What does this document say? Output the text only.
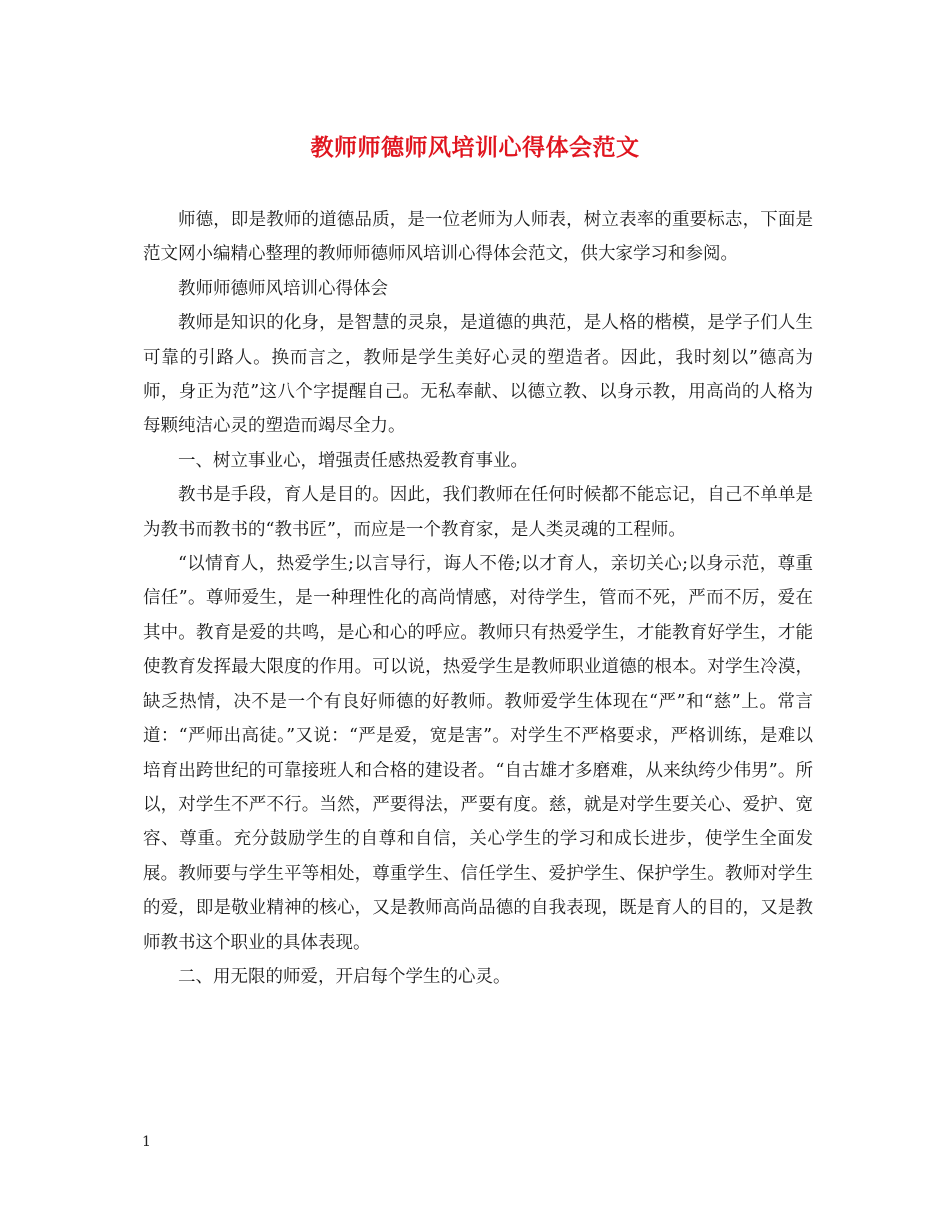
教师师德师风培训心得体会范文

师德，即是教师的道德品质，是一位老师为人师表，树立表率的重要标志，下面是范文网小编精心整理的教师师德师风培训心得体会范文，供大家学习和参阅。

教师师德师风培训心得体会

教师是知识的化身，是智慧的灵泉，是道德的典范，是人格的楷模，是学子们人生可靠的引路人。换而言之，教师是学生美好心灵的塑造者。因此，我时刻以”德高为师，身正为范”这八个字提醒自己。无私奉献、以德立教、以身示教，用高尚的人格为每颗纯洁心灵的塑造而竭尽全力。

一、树立事业心，增强责任感热爱教育事业。

教书是手段，育人是目的。因此，我们教师在任何时候都不能忘记，自己不单单是为教书而教书的“教书匠”，而应是一个教育家，是人类灵魂的工程师。

“以情育人，热爱学生;以言导行，诲人不倦;以才育人，亲切关心;以身示范，尊重信任”。尊师爱生，是一种理性化的高尚情感，对待学生，管而不死，严而不厉，爱在其中。教育是爱的共鸣，是心和心的呼应。教师只有热爱学生，才能教育好学生，才能使教育发挥最大限度的作用。可以说，热爱学生是教师职业道德的根本。对学生冷漠，缺乏热情，决不是一个有良好师德的好教师。教师爱学生体现在“严”和“慈”上。常言道：“严师出高徒。”又说：“严是爱，宽是害”。对学生不严格要求，严格训练，是难以培育出跨世纪的可靠接班人和合格的建设者。“自古雄才多磨难，从来纨绔少伟男”。所以，对学生不严不行。当然，严要得法，严要有度。慈，就是对学生要关心、爱护、宽容、尊重。充分鼓励学生的自尊和自信，关心学生的学习和成长进步，使学生全面发展。教师要与学生平等相处，尊重学生、信任学生、爱护学生、保护学生。教师对学生的爱，即是敬业精神的核心，又是教师高尚品德的自我表现，既是育人的目的，又是教师教书这个职业的具体表现。

二、用无限的师爱，开启每个学生的心灵。

1
